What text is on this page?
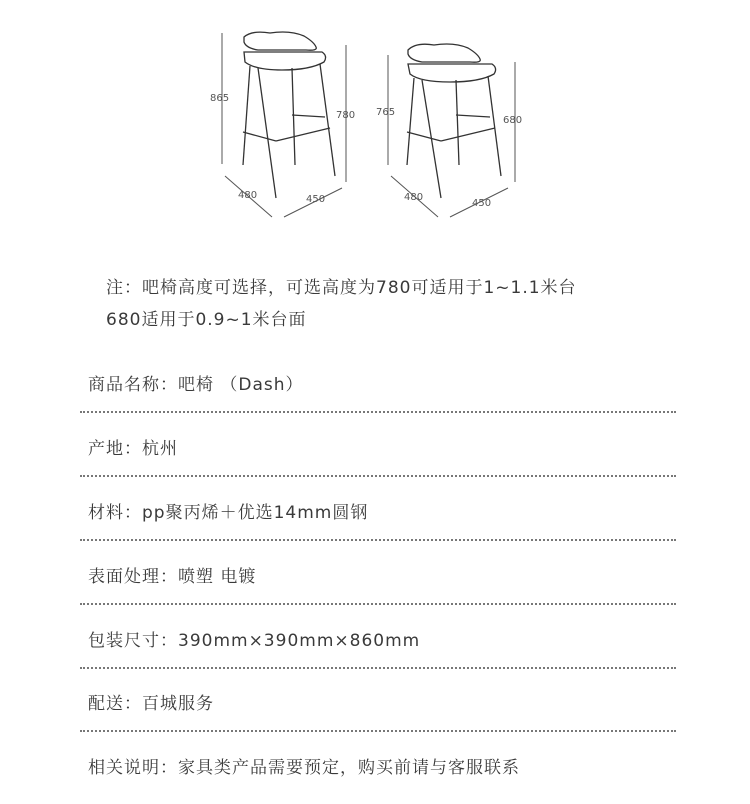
865
780
480	450
765
680
480
450
注：吧椅高度可选择，可选高度为780可适用于1~1.1米台
680适用于0.9~1米台面
商品名称：吧椅 （Dash）
产地：杭州
材料：pp聚丙烯＋优选14mm圆钢
表面处理：喷塑 电镀
包装尺寸：390mm×390mm×860mm
配送：百城服务
相关说明：家具类产品需要预定，购买前请与客服联系
